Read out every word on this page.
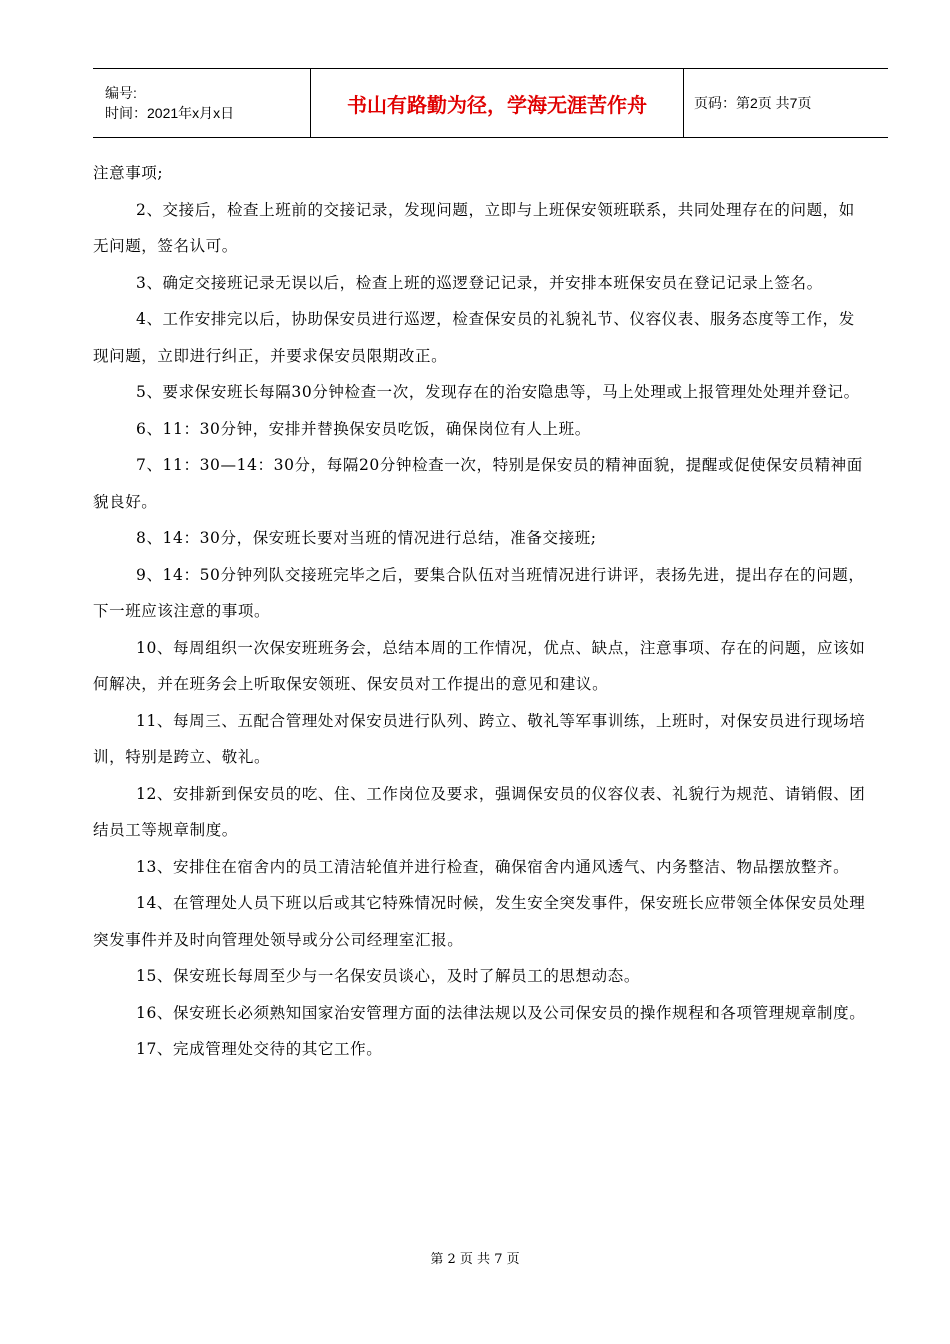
编号:
时间：2021年x月x日	书山有路勤为径，学海无涯苦作舟	页码：第2页 共7页

注意事项;

2、交接后，检查上班前的交接记录，发现问题，立即与上班保安领班联系，共同处理存在的问题，如无问题，签名认可。

3、确定交接班记录无误以后，检查上班的巡逻登记记录，并安排本班保安员在登记记录上签名。

4、工作安排完以后，协助保安员进行巡逻，检查保安员的礼貌礼节、仪容仪表、服务态度等工作，发现问题，立即进行纠正，并要求保安员限期改正。

5、要求保安班长每隔30分钟检查一次，发现存在的治安隐患等，马上处理或上报管理处处理并登记。

6、11：30分钟，安排并替换保安员吃饭，确保岗位有人上班。

7、11：30—14：30分，每隔20分钟检查一次，特别是保安员的精神面貌，提醒或促使保安员精神面貌良好。

8、14：30分，保安班长要对当班的情况进行总结，准备交接班;

9、14：50分钟列队交接班完毕之后，要集合队伍对当班情况进行讲评，表扬先进，提出存在的问题，下一班应该注意的事项。

10、每周组织一次保安班班务会，总结本周的工作情况，优点、缺点，注意事项、存在的问题，应该如何解决，并在班务会上听取保安领班、保安员对工作提出的意见和建议。

11、每周三、五配合管理处对保安员进行队列、跨立、敬礼等军事训练，上班时，对保安员进行现场培训，特别是跨立、敬礼。

12、安排新到保安员的吃、住、工作岗位及要求，强调保安员的仪容仪表、礼貌行为规范、请销假、团结员工等规章制度。

13、安排住在宿舍内的员工清洁轮值并进行检查，确保宿舍内通风透气、内务整洁、物品摆放整齐。

14、在管理处人员下班以后或其它特殊情况时候，发生安全突发事件，保安班长应带领全体保安员处理突发事件并及时向管理处领导或分公司经理室汇报。

15、保安班长每周至少与一名保安员谈心，及时了解员工的思想动态。

16、保安班长必须熟知国家治安管理方面的法律法规以及公司保安员的操作规程和各项管理规章制度。

17、完成管理处交待的其它工作。

第 2 页 共 7 页
